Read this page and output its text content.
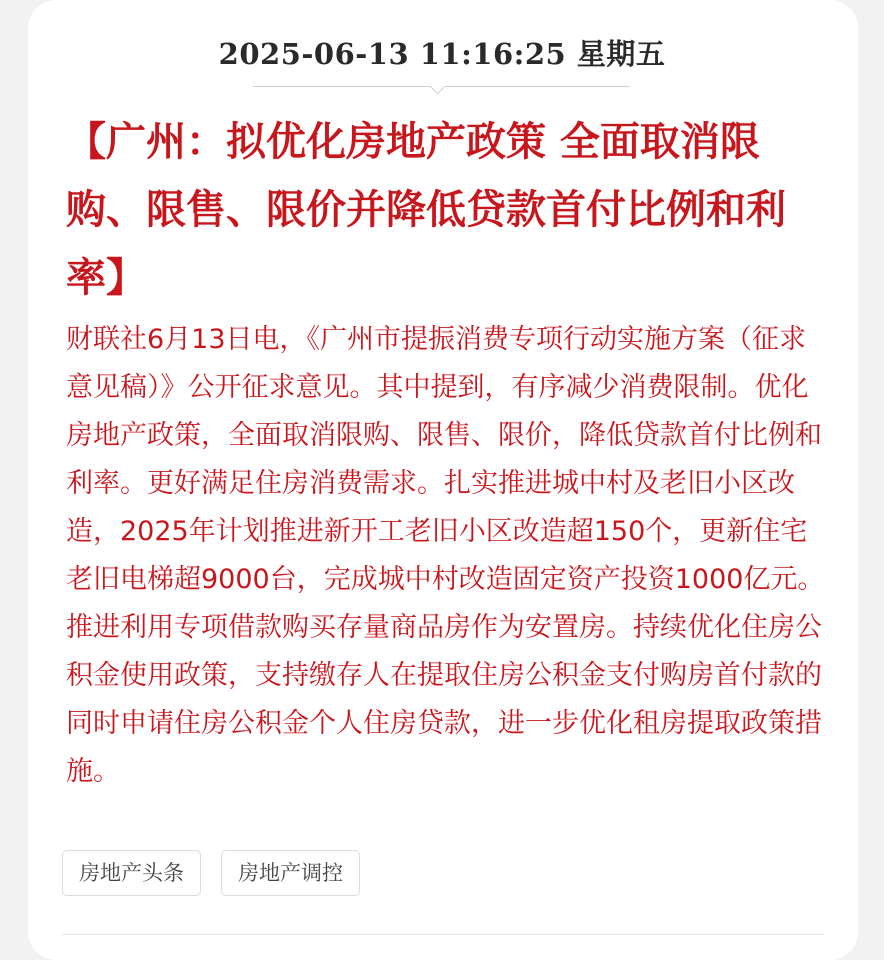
2025-06-13 11:16:25 星期五
【广州：拟优化房地产政策 全面取消限购、限售、限价并降低贷款首付比例和利率】

财联社6月13日电，《广州市提振消费专项行动实施方案（征求意见稿）》公开征求意见。其中提到，有序减少消费限制。优化房地产政策，全面取消限购、限售、限价，降低贷款首付比例和利率。更好满足住房消费需求。扎实推进城中村及老旧小区改造，2025年计划推进新开工老旧小区改造超150个，更新住宅老旧电梯超9000台，完成城中村改造固定资产投资1000亿元。推进利用专项借款购买存量商品房作为安置房。持续优化住房公积金使用政策，支持缴存人在提取住房公积金支付购房首付款的同时申请住房公积金个人住房贷款，进一步优化租房提取政策措施。

房地产头条	房地产调控
